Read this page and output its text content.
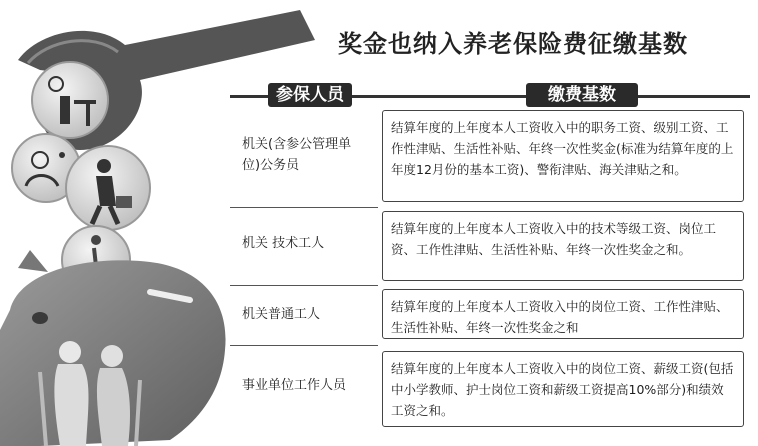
奖金也纳入养老保险费征缴基数
参保人员	缴费基数
机关(含参公管理单位)公务员
结算年度的上年度本人工资收入中的职务工资、级别工资、工作性津贴、生活性补贴、年终一次性奖金(标准为结算年度的上年度12月份的基本工资)、警衔津贴、海关津贴之和。
机关 技术工人
结算年度的上年度本人工资收入中的技术等级工资、岗位工资、工作性津贴、生活性补贴、年终一次性奖金之和。
机关普通工人
结算年度的上年度本人工资收入中的岗位工资、工作性津贴、生活性补贴、年终一次性奖金之和
事业单位工作人员
结算年度的上年度本人工资收入中的岗位工资、薪级工资(包括中小学教师、护士岗位工资和薪级工资提高10%部分)和绩效工资之和。
